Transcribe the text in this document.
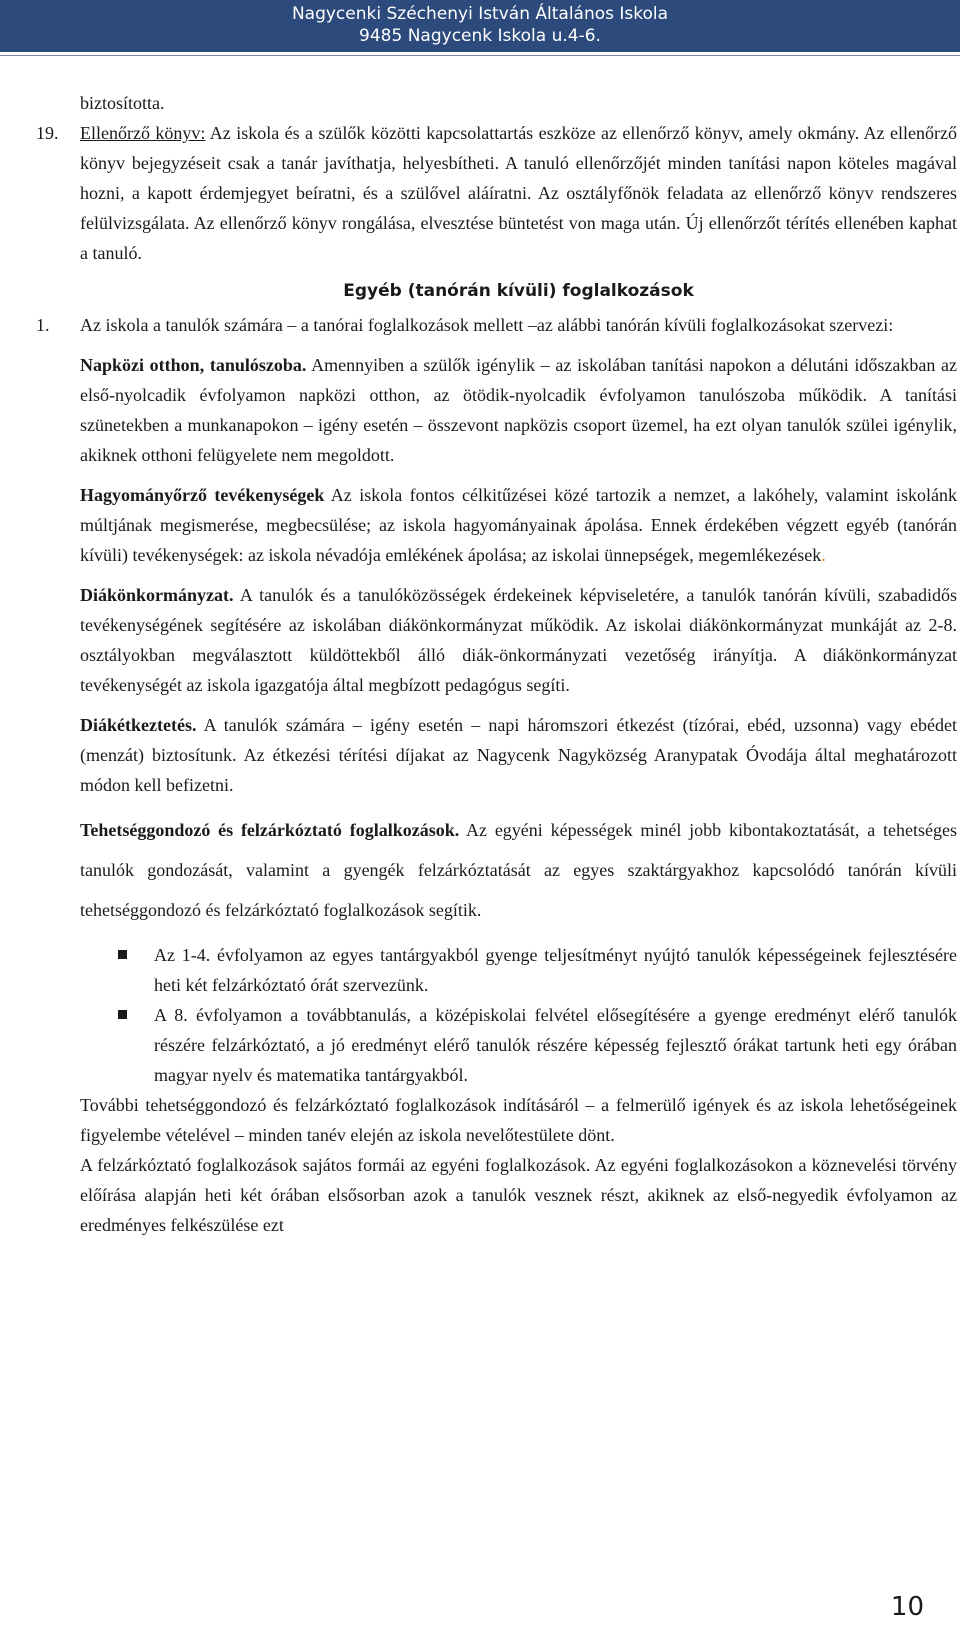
Nagycenki Széchenyi István Általános Iskola
9485 Nagycenk Iskola u.4-6.

biztosította.

19. Ellenőrző könyv: Az iskola és a szülők közötti kapcsolattartás eszköze az ellenőrző könyv, amely okmány. Az ellenőrző könyv bejegyzéseit csak a tanár javíthatja, helyesbítheti. A tanuló ellenőrzőjét minden tanítási napon köteles magával hozni, a kapott érdemjegyet beíratni, és a szülővel aláíratni. Az osztályfőnök feladata az ellenőrző könyv rendszeres felülvizsgálata. Az ellenőrző könyv rongálása, elvesztése büntetést von maga után. Új ellenőrzőt térítés ellenében kaphat a tanuló.

Egyéb (tanórán kívüli) foglalkozások

1. Az iskola a tanulók számára – a tanórai foglalkozások mellett –az alábbi tanórán kívüli foglalkozásokat szervezi:

Napközi otthon, tanulószoba. Amennyiben a szülők igénylik – az iskolában tanítási napokon a délutáni időszakban az első-nyolcadik évfolyamon napközi otthon, az ötödik-nyolcadik évfolyamon tanulószoba működik. A tanítási szünetekben a munkanapokon – igény esetén – összevont napközis csoport üzemel, ha ezt olyan tanulók szülei igénylik, akiknek otthoni felügyelete nem megoldott.

Hagyományőrző tevékenységek Az iskola fontos célkitűzései közé tartozik a nemzet, a lakóhely, valamint iskolánk múltjának megismerése, megbecsülése; az iskola hagyományainak ápolása. Ennek érdekében végzett egyéb (tanórán kívüli) tevékenységek: az iskola névadója emlékének ápolása; az iskolai ünnepségek, megemlékezések.

Diákönkormányzat. A tanulók és a tanulóközösségek érdekeinek képviseletére, a tanulók tanórán kívüli, szabadidős tevékenységének segítésére az iskolában diákönkormányzat működik. Az iskolai diákönkormányzat munkáját az 2-8. osztályokban megválasztott küldöttekből álló diák-önkormányzati vezetőség irányítja. A diákönkormányzat tevékenységét az iskola igazgatója által megbízott pedagógus segíti.

Diákétkeztetés. A tanulók számára – igény esetén – napi háromszori étkezést (tízórai, ebéd, uzsonna) vagy ebédet (menzát) biztosítunk. Az étkezési térítési díjakat az Nagycenk Nagyközség Aranypatak Óvodája által meghatározott módon kell befizetni.

Tehetséggondozó és felzárkóztató foglalkozások. Az egyéni képességek minél jobb kibontakoztatását, a tehetséges tanulók gondozását, valamint a gyengék felzárkóztatását az egyes szaktárgyakhoz kapcsolódó tanórán kívüli tehetséggondozó és felzárkóztató foglalkozások segítik.

Az 1-4. évfolyamon az egyes tantárgyakból gyenge teljesítményt nyújtó tanulók képességeinek fejlesztésére heti két felzárkóztató órát szervezünk.
A 8. évfolyamon a továbbtanulás, a középiskolai felvétel elősegítésére a gyenge eredményt elérő tanulók részére felzárkóztató, a jó eredményt elérő tanulók részére képesség fejlesztő órákat tartunk heti egy órában magyar nyelv és matematika tantárgyakból.

További tehetséggondozó és felzárkóztató foglalkozások indításáról – a felmerülő igények és az iskola lehetőségeinek figyelembe vételével – minden tanév elején az iskola nevelőtestülete dönt.

A felzárkóztató foglalkozások sajátos formái az egyéni foglalkozások. Az egyéni foglalkozásokon a köznevelési törvény előírása alapján heti két órában elsősorban azok a tanulók vesznek részt, akiknek az első-negyedik évfolyamon az eredményes felkészülése ezt

10
